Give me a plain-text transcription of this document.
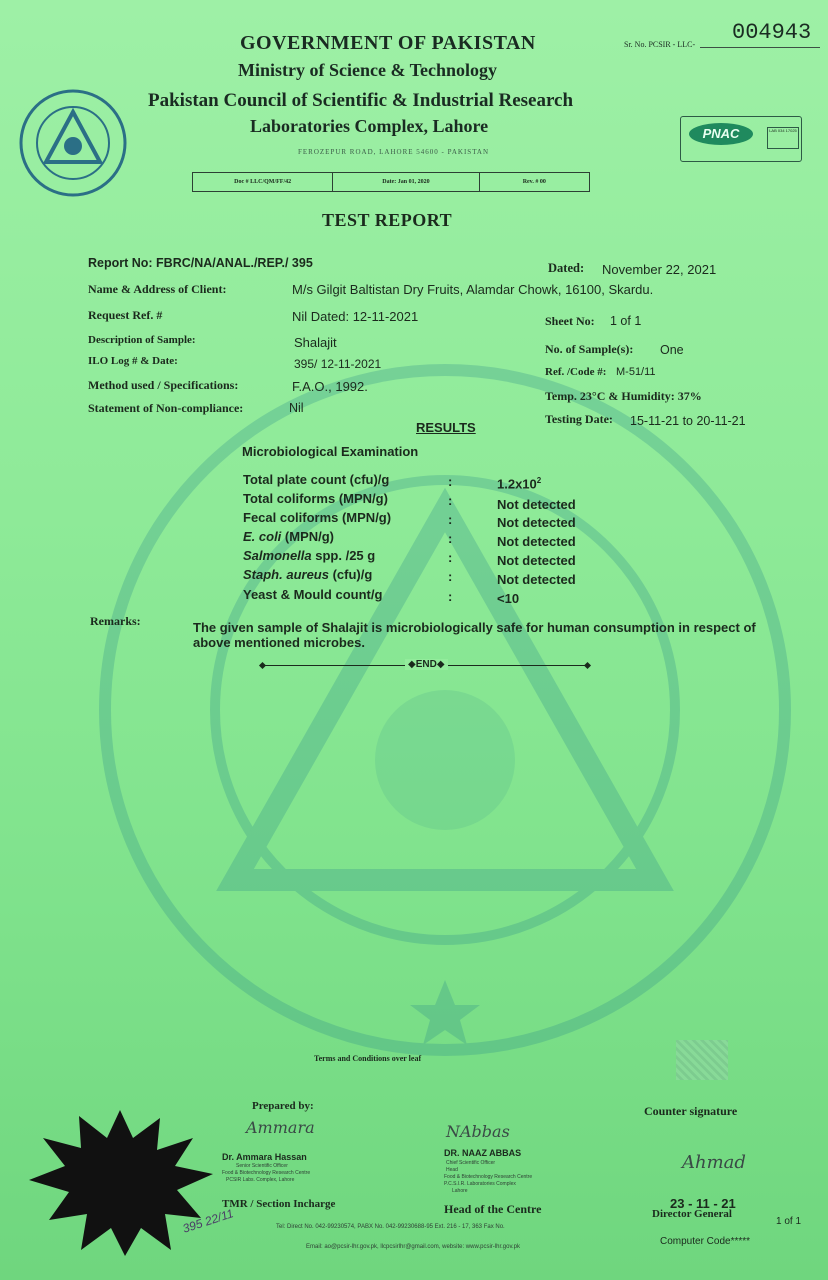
GOVERNMENT OF PAKISTAN
Ministry of Science & Technology
Pakistan Council of Scientific & Industrial Research
Laboratories Complex, Lahore
FEROZEPUR ROAD, LAHORE 54600 - PAKISTAN
Sr. No. PCSIR - LLC- 004943
PNAC	LAB 034 17025
Doc # LLC/QM/FF/42	Date: Jan 01, 2020	Rev. # 00
TEST REPORT
Report No: FBRC/NA/ANAL./REP./ 395	Dated: November 22, 2021
Name & Address of Client:	M/s Gilgit Baltistan Dry Fruits, Alamdar Chowk, 16100, Skardu.
Request Ref. #	Nil Dated: 12-11-2021	Sheet No: 1 of 1
Description of Sample:	Shalajit	No. of Sample(s): One
ILO Log # & Date:	395/ 12-11-2021
Ref. /Code #: M-51/11
Method used / Specifications:	F.A.O., 1992.
Temp. 23°C & Humidity: 37%
Statement of Non-compliance:	Nil
Testing Date: 15-11-21 to 20-11-21
RESULTS
Microbiological Examination
Total plate count (cfu)/g	:	$1.2x10^2$
Total coliforms (MPN/g)	:	Not detected
Fecal coliforms (MPN/g)	:	Not detected
E. coli (MPN/g)	:	Not detected
Salmonella spp. /25 g	:	Not detected
Staph. aureus (cfu)/g	:	Not detected
Yeast & Mould count/g	:	<10
Remarks:	The given sample of Shalajit is microbiologically safe for human consumption in respect of above mentioned microbes.
◆END◆
Terms and Conditions over leaf
Prepared by:
Ammara
Dr. Ammara Hassan
Senior Scientific Officer
Food & Biotechnology Research Centre
PCSIR Labs. Complex, Lahore
TMR / Section Incharge
NAbbas
DR. NAAZ ABBAS
Chief Scientific Officer
Head
Food & Biotechnology Research Centre
P.C.S.I.R. Laboratories Complex
Lahore
Head of the Centre
Counter signature
Ahmad
23 - 11 - 21
Director General
1 of 1
Computer Code*****
395 22/11	Tel: Direct No. 042-99230574, PABX No. 042-99230688-95 Ext. 216 - 17, 363 Fax No.
Email: ao@pcsir-lhr.gov.pk, llcpcsirlhr@gmail.com, website: www.pcsir-lhr.gov.pk
